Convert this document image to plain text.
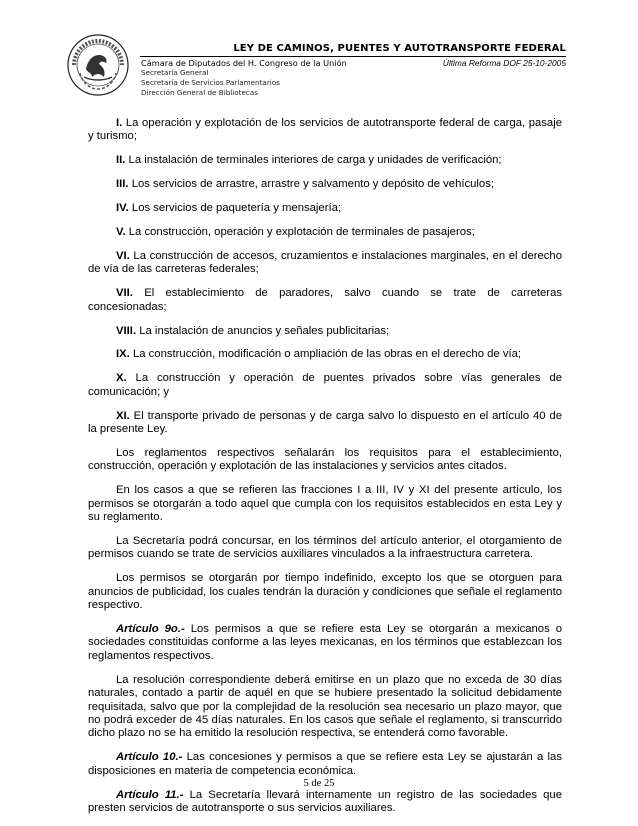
LEY DE CAMINOS, PUENTES Y AUTOTRANSPORTE FEDERAL
Cámara de Diputados del H. Congreso de la Unión
Secretaría General
Secretaría de Servicios Parlamentarios
Dirección General de Bibliotecas
Última Reforma DOF 25-10-2005

I. La operación y explotación de los servicios de autotransporte federal de carga, pasaje y turismo;

II. La instalación de terminales interiores de carga y unidades de verificación;

III. Los servicios de arrastre, arrastre y salvamento y depósito de vehículos;

IV. Los servicios de paquetería y mensajería;

V. La construcción, operación y explotación de terminales de pasajeros;

VI. La construcción de accesos, cruzamientos e instalaciones marginales, en el derecho de vía de las carreteras federales;

VII. El establecimiento de paradores, salvo cuando se trate de carreteras concesionadas;

VIII. La instalación de anuncios y señales publicitarias;

IX. La construcción, modificación o ampliación de las obras en el derecho de vía;

X. La construcción y operación de puentes privados sobre vías generales de comunicación; y

XI. El transporte privado de personas y de carga salvo lo dispuesto en el artículo 40 de la presente Ley.

Los reglamentos respectivos señalarán los requisitos para el establecimiento, construcción, operación y explotación de las instalaciones y servicios antes citados.

En los casos a que se refieren las fracciones I a III, IV y XI del presente artículo, los permisos se otorgarán a todo aquel que cumpla con los requisitos establecidos en esta Ley y su reglamento.

La Secretaría podrá concursar, en los términos del artículo anterior, el otorgamiento de permisos cuando se trate de servicios auxiliares vinculados a la infraestructura carretera.

Los permisos se otorgarán por tiempo indefinido, excepto los que se otorguen para anuncios de publicidad, los cuales tendrán la duración y condiciones que señale el reglamento respectivo.

Artículo 9o.- Los permisos a que se refiere esta Ley se otorgarán a mexicanos o sociedades constituidas conforme a las leyes mexicanas, en los términos que establezcan los reglamentos respectivos.

La resolución correspondiente deberá emitirse en un plazo que no exceda de 30 días naturales, contado a partir de aquél en que se hubiere presentado la solicitud debidamente requisitada, salvo que por la complejidad de la resolución sea necesario un plazo mayor, que no podrá exceder de 45 días naturales. En los casos que señale el reglamento, si transcurrido dicho plazo no se ha emitido la resolución respectiva, se entenderá como favorable.

Artículo 10.- Las concesiones y permisos a que se refiere esta Ley se ajustarán a las disposiciones en materia de competencia económica.

Artículo 11.- La Secretaría llevará internamente un registro de las sociedades que presten servicios de autotransporte o sus servicios auxiliares.

5 de 25
